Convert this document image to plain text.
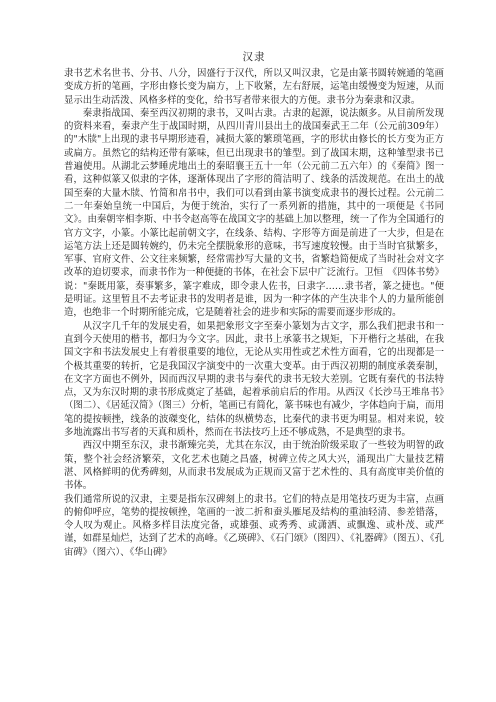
汉隶

隶书艺术名世书、分书、八分，因盛行于汉代，所以又叫汉隶，它是由篆书圆转婉通的笔画变成方折的笔画，字形由修长变为扁方，上下收紧，左右舒展，运笔由缓慢变为短速，从而显示出生动活泼、风格多样的变化，给书写者带来很大的方便。隶书分为秦隶和汉隶。

秦隶指战国、秦至西汉初期的隶书，又叫古隶。古隶的起源，说法颇多。从目前所发现的资料来看，秦隶产生于战国时期，从四川青川县出土的战国秦武王二年（公元前309年）的"木牍"上出现的隶书早期形迹看，减损大篆的繁琐笔画，字的形状由修长的长方变为正方或扁方。虽然它的结构还带有篆味，但已出现隶书的雏型。到了战国末期，这种雏型隶书已普遍使用。从湖北云梦睡虎地出土的秦昭襄王五十一年（公元前二五六年）的《秦简》图一看，这种似篆又似隶的字体，逐渐体现出了字形的简洁明了、线条的活泼规范。在出土的战国至秦的大量木牍、竹简和帛书中，我们可以看到由篆书演变成隶书的漫长过程。公元前二二一年秦始皇统一中国后，为便于统治，实行了一系列新的措施，其中的一项便是《书同文》。由秦朝宰相李斯、中书令赵高等在战国文字的基础上加以整理，统一了作为全国通行的官方文字，小篆。小篆比起前朝文字，在线条、结构、字形等方面是前进了一大步，但是在运笔方法上还是圆转婉约，仍未完全摆脱象形的意味，书写速度较慢。由于当时官狱繁多，军事、官府文件、公文往来频繁，经常需抄写大量的文书，省繁趋简便成了当时社会对文字改革的迫切要求，而隶书作为一种便捷的书体，在社会下层中广泛流行。卫恒　《四体书势》说："秦既用篆，奏事繁多，篆字难成，即令隶人佐书，曰隶字……隶书者，篆之捷也。"便是明证。这里暂且不去考证隶书的发明者是谁，因为一种字体的产生决非个人的力量所能创造，也绝非一个时期所能完成，它是随着社会的进步和实际的需要而逐步形成的。

从汉字几千年的发展史看，如果把象形文字至秦小篆划为古文字，那么我们把隶书和一直到今天使用的楷书，都归为今文字。因此，隶书上承篆书之规矩，下开楷行之基础，在我国文字和书法发展史上有着很重要的地位，无论从实用性或艺术性方面看，它的出现都是一个极其重要的转折，它是我国汉字演变中的一次重大变革。由于西汉初期的制度承袭秦制，在文字方面也不例外，因而西汉早期的隶书与秦代的隶书无较大差别。它既有秦代的书法特点，又为东汉时期的隶书形成奠定了基础，起着承前启后的作用。从西汉《长沙马王堆帛书》（图二）、《居延汉简》（图三）分析，笔画已有简化，篆书味也有减少，字体趋向于扁，而用笔的提按顿挫，线条的波磔变化，结体的纵横势态，比秦代的隶书更为明显。相对来说，较多地流露出书写者的天真和质朴，然而在书法技巧上还不够成熟，不是典型的隶书。

西汉中期至东汉，隶书渐臻完美，尤其在东汉，由于统治阶级采取了一些较为明智的政策，整个社会经济繁荣，文化艺术也随之昌盛，树碑立传之风大兴，涌现出广大量技艺精湛、风格鲜明的优秀碑刻，从而隶书发展成为正规而又富于艺术性的、具有高度审美价值的书体。

我们通常所说的汉隶，主要是指东汉碑刻上的隶书。它们的特点是用笔技巧更为丰富，点画的俯仰呼应，笔势的提按顿挫，笔画的一波二折和蚕头雁尾及结构的重油轻清、参差错落，令人叹为观止。风格多样目法度完备，或雄强、或秀秀、或潇洒、或飘逸、或朴茂、或严谨，如群星灿烂，达到了艺术的高峰。《乙瑛碑》、《石门颂》（图四）、《礼器碑》（图五）、《孔宙碑》（图六）、《华山碑》
